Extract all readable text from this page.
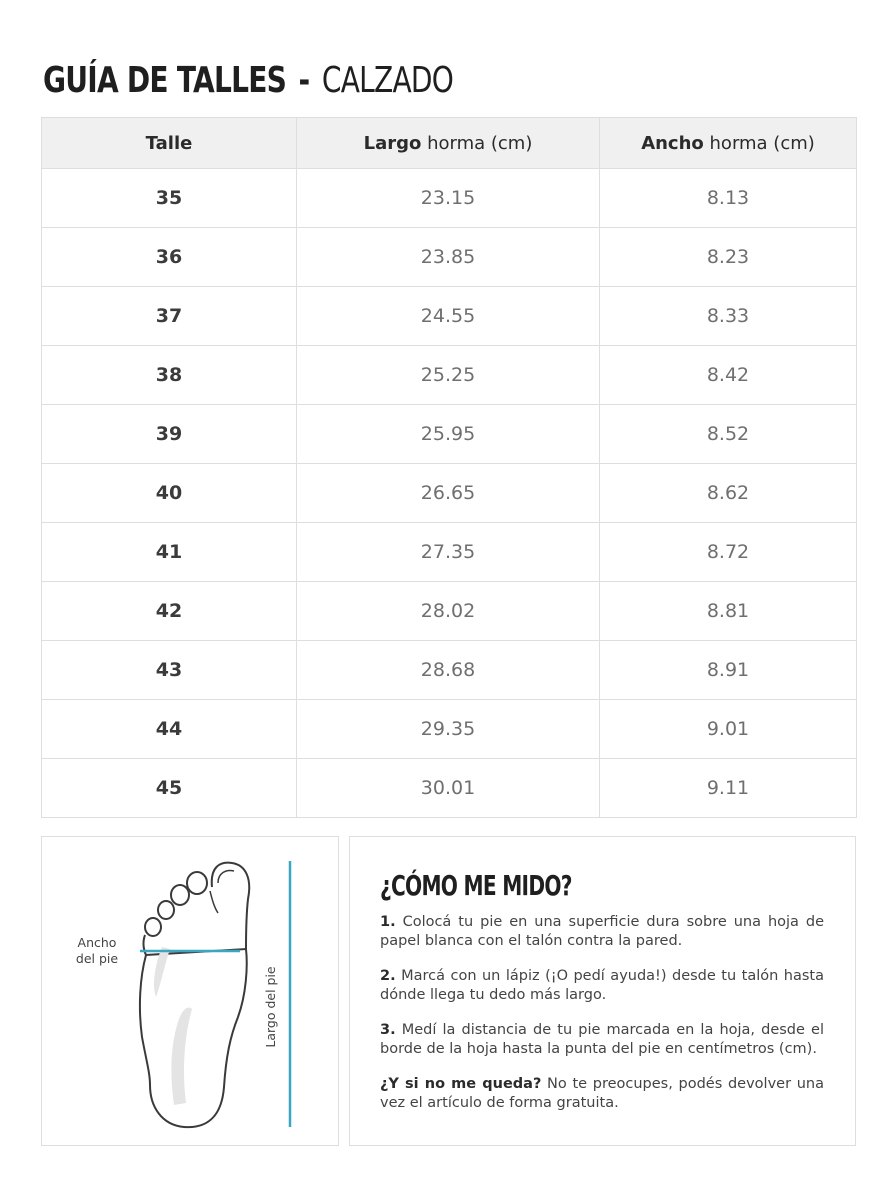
GUÍA DE TALLES - CALZADO
Talle	Largo horma (cm)	Ancho horma (cm)
35	23.15	8.13
36	23.85	8.23
37	24.55	8.33
38	25.25	8.42
39	25.95	8.52
40	26.65	8.62
41	27.35	8.72
42	28.02	8.81
43	28.68	8.91
44	29.35	9.01
45	30.01	9.11
Ancho
del pie
Largo del pie
¿CÓMO ME MIDO?
1. Colocá tu pie en una superficie dura sobre una hoja de papel blanca con el talón contra la pared.
2. Marcá con un lápiz (¡O pedí ayuda!) desde tu talón hasta dónde llega tu dedo más largo.
3. Medí la distancia de tu pie marcada en la hoja, desde el borde de la hoja hasta la punta del pie en centímetros (cm).
¿Y si no me queda? No te preocupes, podés devolver una vez el artículo de forma gratuita.
